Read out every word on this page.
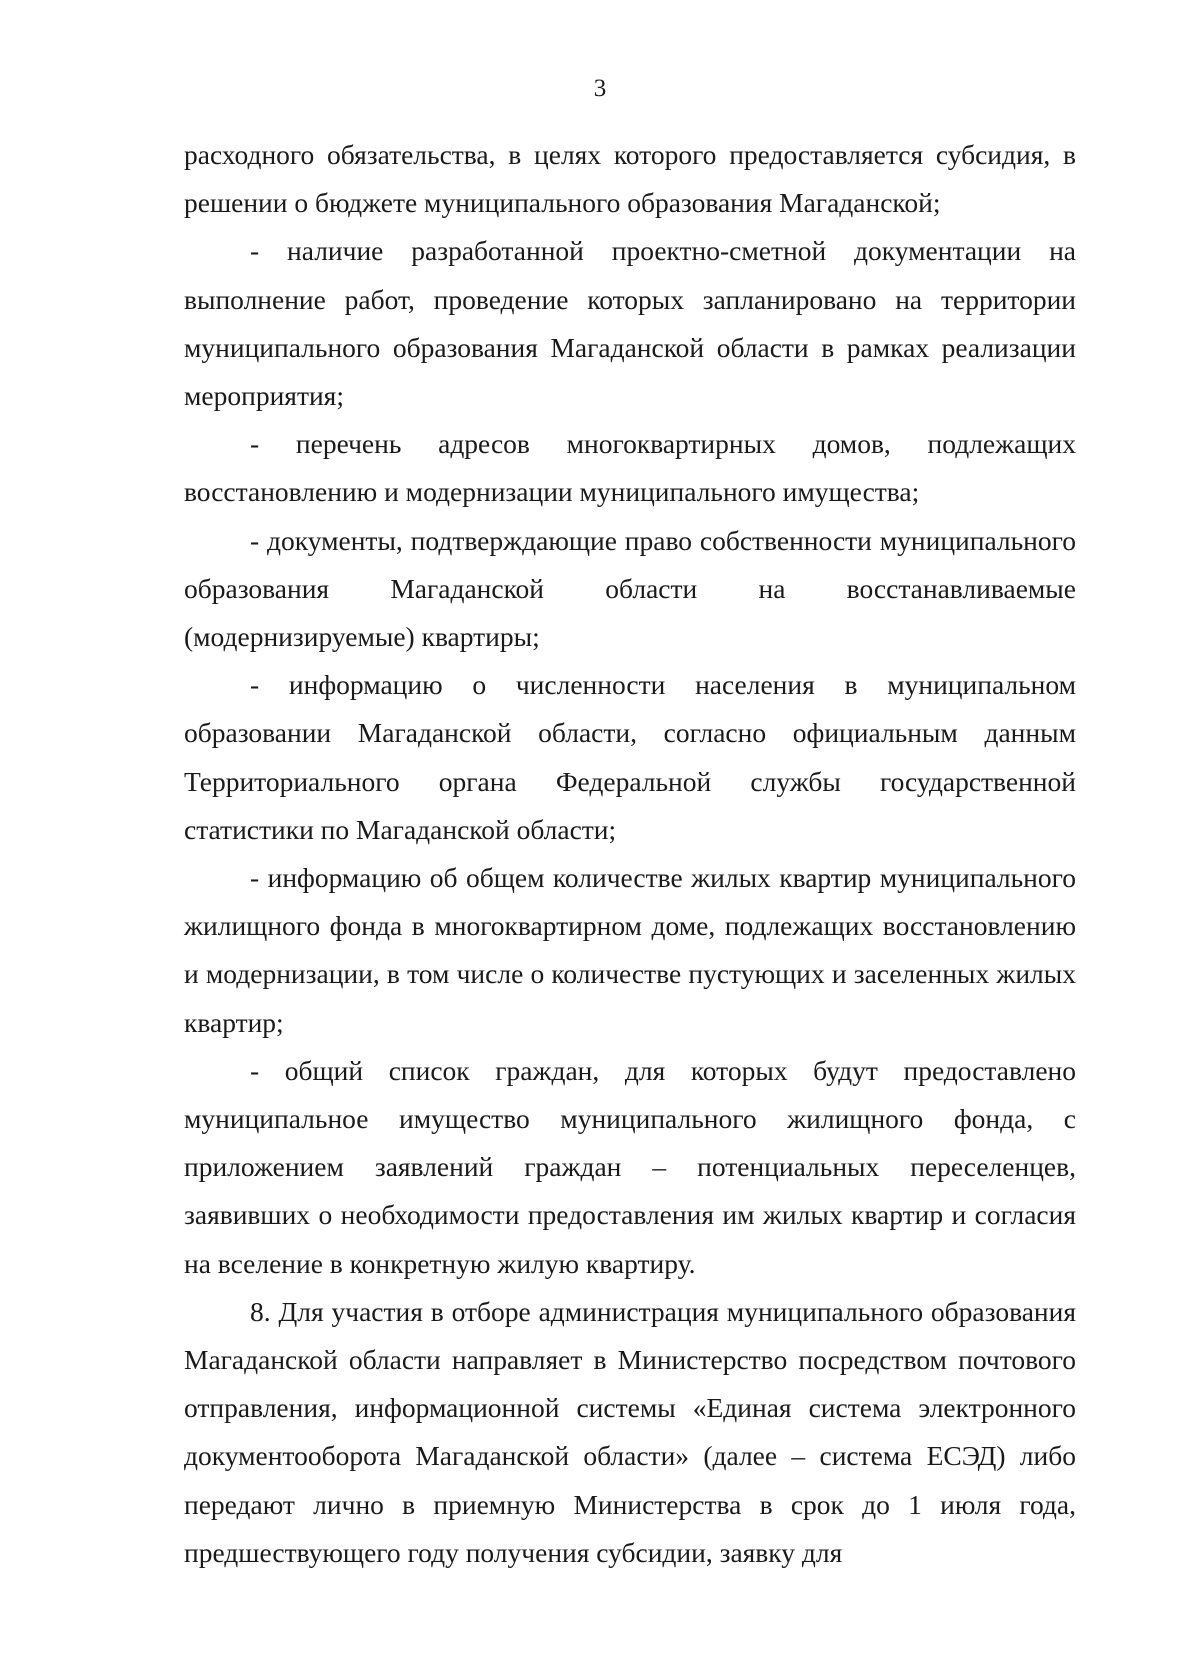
3

расходного обязательства, в целях которого предоставляется субсидия, в решении о бюджете муниципального образования Магаданской;

- наличие разработанной проектно-сметной документации на выполнение работ, проведение которых запланировано на территории муниципального образования Магаданской области в рамках реализации мероприятия;

- перечень адресов многоквартирных домов, подлежащих восстановлению и модернизации муниципального имущества;

- документы, подтверждающие право собственности муниципального образования Магаданской области на восстанавливаемые (модернизируемые) квартиры;

- информацию о численности населения в муниципальном образовании Магаданской области, согласно официальным данным Территориального органа Федеральной службы государственной статистики по Магаданской области;

- информацию об общем количестве жилых квартир муниципального жилищного фонда в многоквартирном доме, подлежащих восстановлению и модернизации, в том числе о количестве пустующих и заселенных жилых квартир;

- общий список граждан, для которых будут предоставлено муниципальное имущество муниципального жилищного фонда, с приложением заявлений граждан – потенциальных переселенцев, заявивших о необходимости предоставления им жилых квартир и согласия на вселение в конкретную жилую квартиру.

8. Для участия в отборе администрация муниципального образования Магаданской области направляет в Министерство посредством почтового отправления, информационной системы «Единая система электронного документооборота Магаданской области» (далее – система ЕСЭД) либо передают лично в приемную Министерства в срок до 1 июля года, предшествующего году получения субсидии, заявку для
